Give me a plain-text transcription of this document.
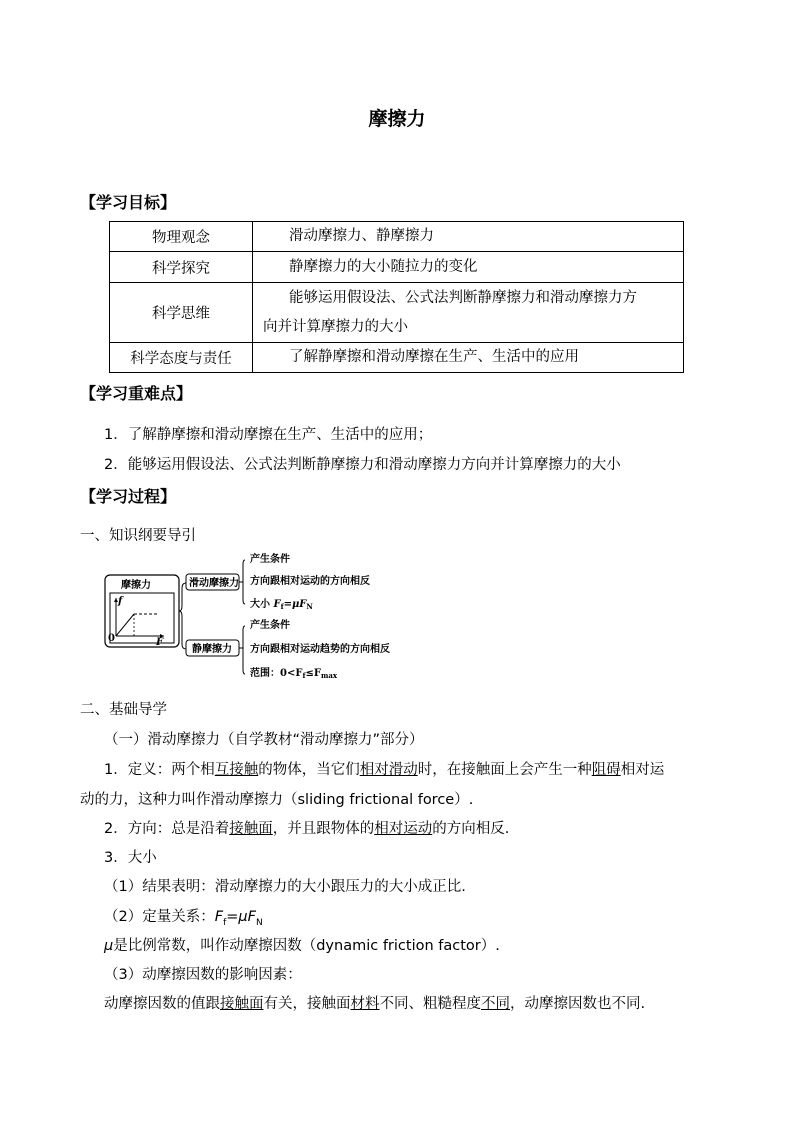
摩擦力
【学习目标】
物理观念	滑动摩擦力、静摩擦力
科学探究	静摩擦力的大小随拉力的变化
科学思维	能够运用假设法、公式法判断静摩擦力和滑动摩擦力方
向并计算摩擦力的大小
科学态度与责任	了解静摩擦和滑动摩擦在生产、生活中的应用
【学习重难点】
1．了解静摩擦和滑动摩擦在生产、生活中的应用；
2．能够运用假设法、公式法判断静摩擦力和滑动摩擦力方向并计算摩擦力的大小
【学习过程】
一、知识纲要导引
摩擦力
f
F
0
滑动摩擦力
静摩擦力
产生条件
方向跟相对运动的方向相反
大小 $F_f=\mu F_N$
产生条件
方向跟相对运动趋势的方向相反
范围：$0<F_f\le F_{max}$
二、基础导学
（一）滑动摩擦力（自学教材“滑动摩擦力”部分）
1．定义：两个相互接触的物体，当它们相对滑动时，在接触面上会产生一种阻碍相对运
动的力，这种力叫作滑动摩擦力（sliding frictional force）.
2．方向：总是沿着接触面，并且跟物体的相对运动的方向相反.
3．大小
（1）结果表明：滑动摩擦力的大小跟压力的大小成正比.
（2）定量关系：$F_f=\mu F_N$
μ是比例常数，叫作动摩擦因数（dynamic friction factor）.
（3）动摩擦因数的影响因素：
动摩擦因数的值跟接触面有关，接触面材料不同、粗糙程度不同，动摩擦因数也不同.
